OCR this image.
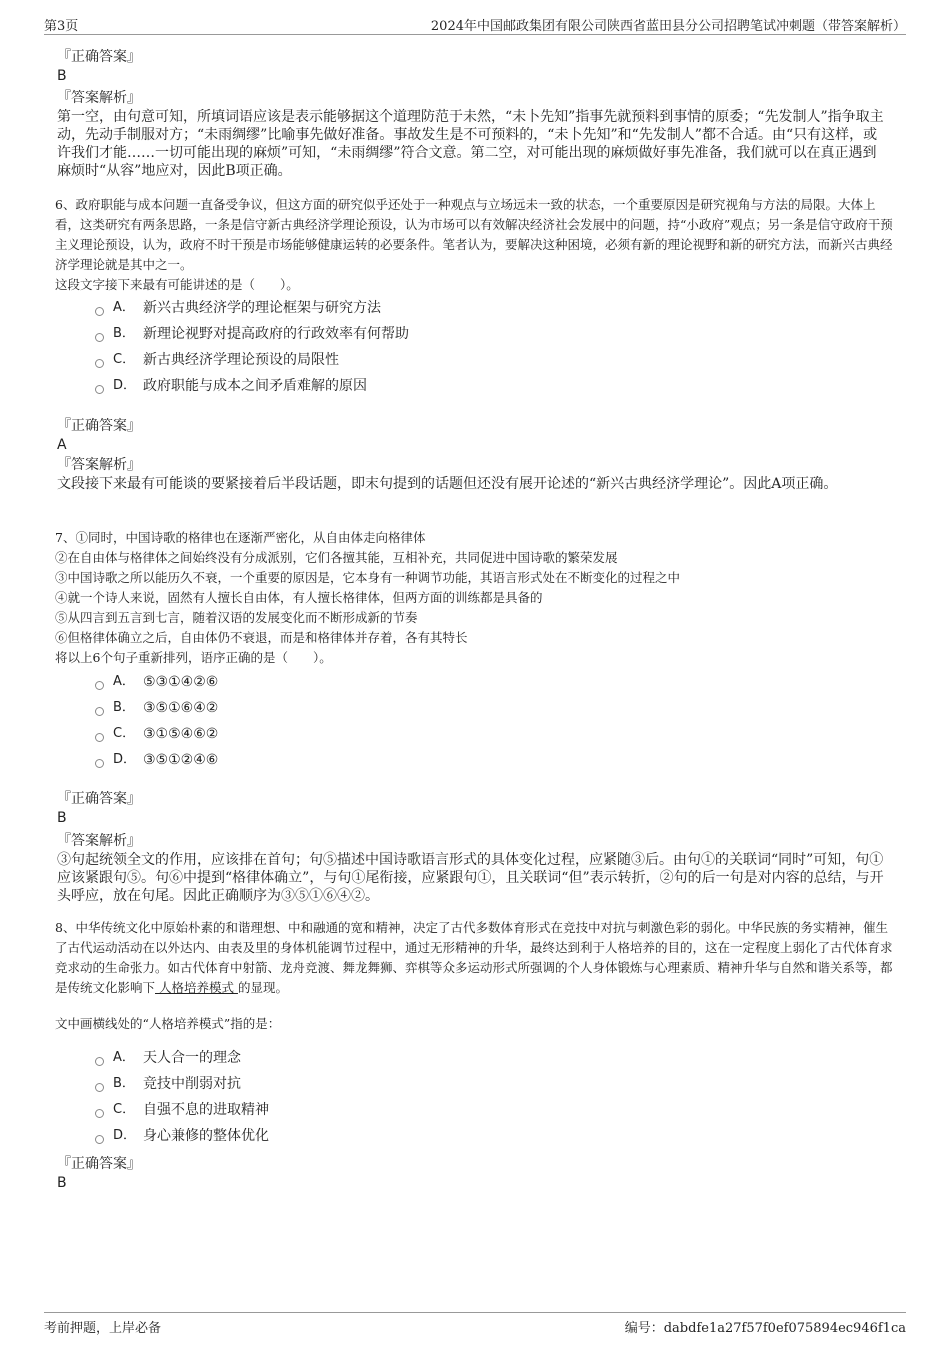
第3页	2024年中国邮政集团有限公司陕西省蓝田县分公司招聘笔试冲刺题（带答案解析）
『正确答案』
B
『答案解析』

第一空，由句意可知，所填词语应该是表示能够据这个道理防范于未然，“未卜先知”指事先就预料到事情的原委；“先发制人”指争取主动，先动手制服对方；“未雨绸缪”比喻事先做好准备。事故发生是不可预料的，“未卜先知”和“先发制人”都不合适。由“只有这样，或许我们才能……一切可能出现的麻烦”可知，“未雨绸缪”符合文意。第二空，对可能出现的麻烦做好事先准备，我们就可以在真正遇到麻烦时“从容”地应对，因此B项正确。

6、政府职能与成本问题一直备受争议，但这方面的研究似乎还处于一种观点与立场远未一致的状态，一个重要原因是研究视角与方法的局限。大体上看，这类研究有两条思路，一条是信守新古典经济学理论预设，认为市场可以有效解决经济社会发展中的问题，持“小政府”观点；另一条是信守政府干预主义理论预设，认为，政府不时干预是市场能够健康运转的必要条件。笔者认为，要解决这种困境，必须有新的理论视野和新的研究方法，而新兴古典经济学理论就是其中之一。

这段文字接下来最有可能讲述的是（　　）。

A． 新兴古典经济学的理论框架与研究方法
B． 新理论视野对提高政府的行政效率有何帮助
C． 新古典经济学理论预设的局限性
D． 政府职能与成本之间矛盾难解的原因
『正确答案』
A
『答案解析』

文段接下来最有可能谈的要紧接着后半段话题，即末句提到的话题但还没有展开论述的“新兴古典经济学理论”。因此A项正确。

7、①同时，中国诗歌的格律也在逐渐严密化，从自由体走向格律体
②在自由体与格律体之间始终没有分成派别，它们各擅其能，互相补充，共同促进中国诗歌的繁荣发展
③中国诗歌之所以能历久不衰，一个重要的原因是，它本身有一种调节功能，其语言形式处在不断变化的过程之中
④就一个诗人来说，固然有人擅长自由体，有人擅长格律体，但两方面的训练都是具备的
⑤从四言到五言到七言，随着汉语的发展变化而不断形成新的节奏
⑥但格律体确立之后，自由体仍不衰退，而是和格律体并存着，各有其特长
将以上6个句子重新排列，语序正确的是（　　）。
A． ⑤③①④②⑥
B． ③⑤①⑥④②
C． ③①⑤④⑥②
D． ③⑤①②④⑥
『正确答案』
B
『答案解析』

③句起统领全文的作用，应该排在首句；句⑤描述中国诗歌语言形式的具体变化过程，应紧随③后。由句①的关联词“同时”可知，句①应该紧跟句⑤。句⑥中提到“格律体确立”，与句①尾衔接，应紧跟句①，且关联词“但”表示转折，②句的后一句是对内容的总结，与开头呼应，放在句尾。因此正确顺序为③⑤①⑥④②。

8、中华传统文化中原始朴素的和谐理想、中和融通的宽和精神，决定了古代多数体育形式在竞技中对抗与刺激色彩的弱化。中华民族的务实精神，催生了古代运动活动在以外达内、由表及里的身体机能调节过程中，通过无形精神的升华，最终达到利于人格培养的目的，这在一定程度上弱化了古代体育求竞求动的生命张力。如古代体育中射箭、龙舟竞渡、舞龙舞狮、弈棋等众多运动形式所强调的个人身体锻炼与心理素质、精神升华与自然和谐关系等，都是传统文化影响下 人格培养模式 的显现。

文中画横线处的“人格培养模式”指的是：

A． 天人合一的理念
B． 竞技中削弱对抗
C． 自强不息的进取精神
D． 身心兼修的整体优化
『正确答案』
B
考前押题，上岸必备	编号：dabdfe1a27f57f0ef075894ec946f1ca
